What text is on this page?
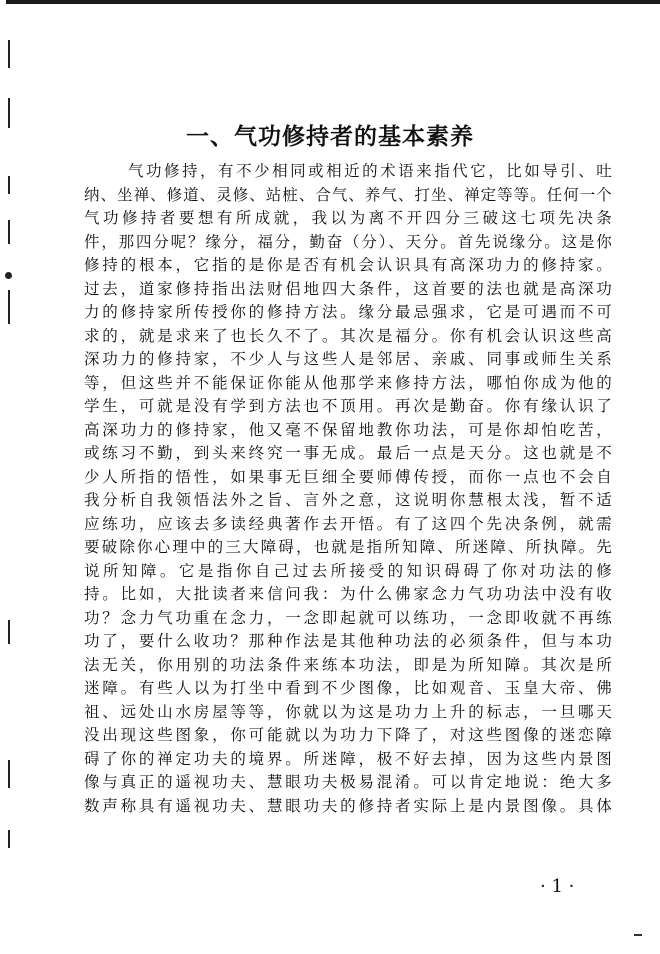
一、气功修持者的基本素养
气功修持，有不少相同或相近的术语来指代它，比如导引、吐
纳、坐禅、修道、灵修、站桩、合气、养气、打坐、禅定等等。任何一个
气功修持者要想有所成就，我以为离不开四分三破这七项先决条
件，那四分呢？缘分，福分，勤奋（分）、天分。首先说缘分。这是你
修持的根本，它指的是你是否有机会认识具有高深功力的修持家。
过去，道家修持指出法财侣地四大条件，这首要的法也就是高深功
力的修持家所传授你的修持方法。缘分最忌强求，它是可遇而不可
求的，就是求来了也长久不了。其次是福分。你有机会认识这些高
深功力的修持家，不少人与这些人是邻居、亲戚、同事或师生关系
等，但这些并不能保证你能从他那学来修持方法，哪怕你成为他的
学生，可就是没有学到方法也不顶用。再次是勤奋。你有缘认识了
高深功力的修持家，他又毫不保留地教你功法，可是你却怕吃苦，
或练习不勤，到头来终究一事无成。最后一点是天分。这也就是不
少人所指的悟性，如果事无巨细全要师傅传授，而你一点也不会自
我分析自我领悟法外之旨、言外之意，这说明你慧根太浅，暂不适
应练功，应该去多读经典著作去开悟。有了这四个先决条例，就需
要破除你心理中的三大障碍，也就是指所知障、所迷障、所执障。先
说所知障。它是指你自己过去所接受的知识碍碍了你对功法的修
持。比如，大批读者来信问我：为什么佛家念力气功功法中没有收
功？念力气功重在念力，一念即起就可以练功，一念即收就不再练
功了，要什么收功？那种作法是其他种功法的必须条件，但与本功
法无关，你用别的功法条件来练本功法，即是为所知障。其次是所
迷障。有些人以为打坐中看到不少图像，比如观音、玉皇大帝、佛
祖、远处山水房屋等等，你就以为这是功力上升的标志，一旦哪天
没出现这些图象，你可能就以为功力下降了，对这些图像的迷恋障
碍了你的禅定功夫的境界。所迷障，极不好去掉，因为这些内景图
像与真正的遥视功夫、慧眼功夫极易混淆。可以肯定地说：绝大多
数声称具有遥视功夫、慧眼功夫的修持者实际上是内景图像。具体
· 1 ·
